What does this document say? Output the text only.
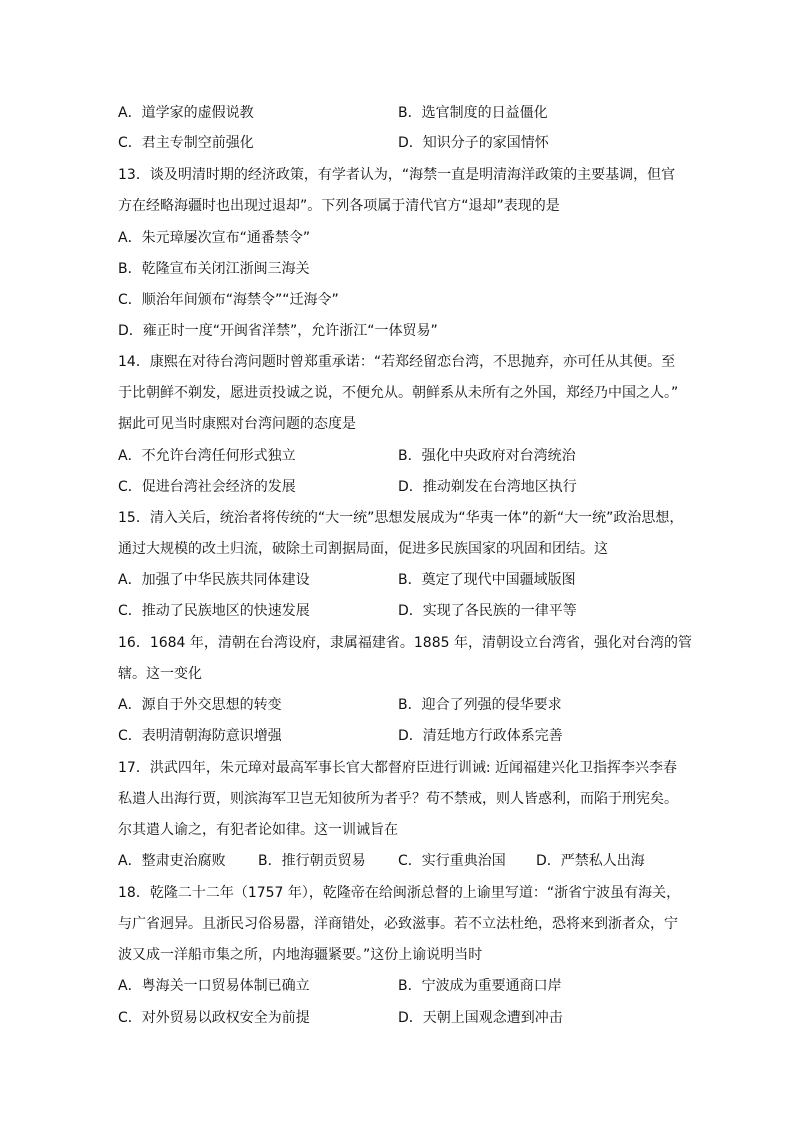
A．道学家的虚假说教	B．选官制度的日益僵化
C．君主专制空前强化	D．知识分子的家国情怀
13．谈及明清时期的经济政策，有学者认为，“海禁一直是明清海洋政策的主要基调，但官
方在经略海疆时也出现过退却”。下列各项属于清代官方“退却”表现的是
A．朱元璋屡次宣布“通番禁令”
B．乾隆宣布关闭江浙闽三海关
C．顺治年间颁布“海禁令”“迁海令”
D．雍正时一度“开闽省洋禁”，允许浙江“一体贸易”
14．康熙在对待台湾问题时曾郑重承诺：“若郑经留恋台湾，不思抛弃，亦可任从其便。至
于比朝鲜不剃发，愿进贡投诚之说，不便允从。朝鲜系从未所有之外国，郑经乃中国之人。”
据此可见当时康熙对台湾问题的态度是
A．不允许台湾任何形式独立	B．强化中央政府对台湾统治
C．促进台湾社会经济的发展	D．推动剃发在台湾地区执行
15．清入关后，统治者将传统的“大一统”思想发展成为“华夷一体”的新“大一统”政治思想，
通过大规模的改土归流，破除土司割据局面，促进多民族国家的巩固和团结。这
A．加强了中华民族共同体建设	B．奠定了现代中国疆域版图
C．推动了民族地区的快速发展	D．实现了各民族的一律平等
16．1684 年，清朝在台湾设府，隶属福建省。1885 年，清朝设立台湾省，强化对台湾的管
辖。这一变化
A．源自于外交思想的转变	B．迎合了列强的侵华要求
C．表明清朝海防意识增强	D．清廷地方行政体系完善
17．洪武四年，朱元璋对最高军事长官大都督府臣进行训诫: 近闻福建兴化卫指挥李兴李春
私遣人出海行贾，则滨海军卫岂无知彼所为者乎？苟不禁戒，则人皆惑利，而陷于刑宪矣。
尔其遣人谕之，有犯者论如律。这一训诫旨在
A．整肃吏治腐败 B．推行朝贡贸易 C．实行重典治国 D．严禁私人出海
18．乾隆二十二年（1757 年），乾隆帝在给闽浙总督的上谕里写道：“浙省宁波虽有海关，
与广省迥异。且浙民习俗易嚣，洋商错处，必致滋事。若不立法杜绝，恐将来到浙者众，宁
波又成一洋船市集之所，内地海疆紧要。”这份上谕说明当时
A．粤海关一口贸易体制已确立	B．宁波成为重要通商口岸
C．对外贸易以政权安全为前提	D．天朝上国观念遭到冲击
